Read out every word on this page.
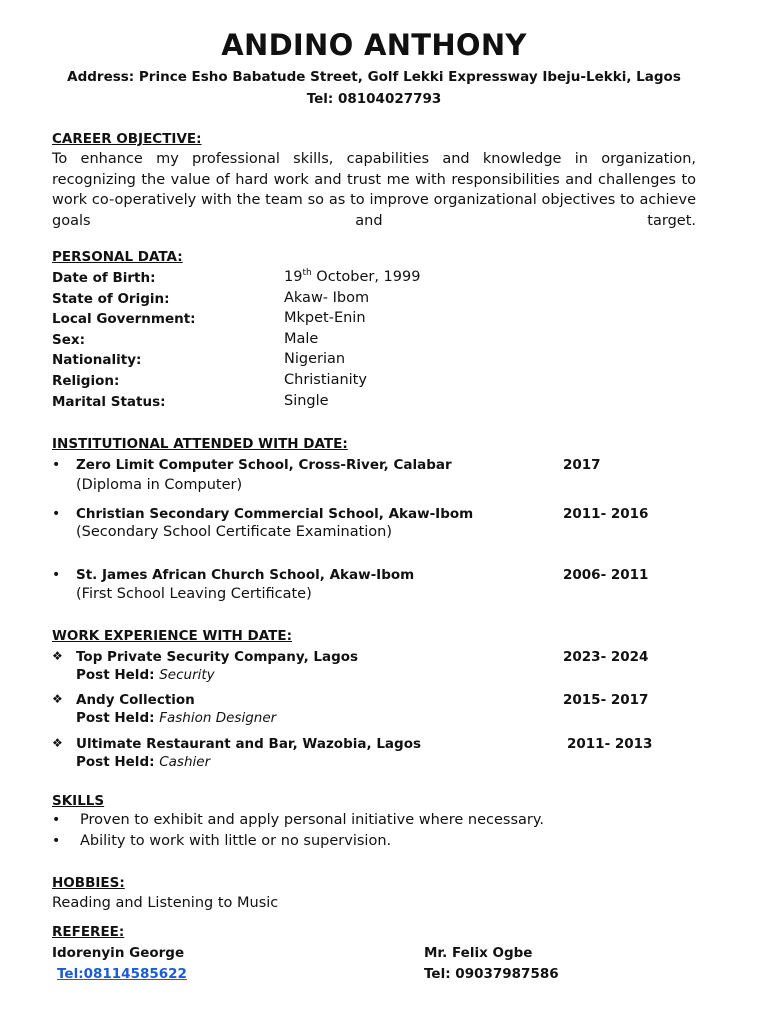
ANDINO ANTHONY
Address: Prince Esho Babatude Street, Golf Lekki Expressway Ibeju-Lekki, Lagos
Tel: 08104027793
CAREER OBJECTIVE:
To enhance my professional skills, capabilities and knowledge in organization, recognizing the value of hard work and trust me with responsibilities and challenges to work co-operatively with the team so as to improve organizational objectives to achieve goals and target.
PERSONAL DATA:
Date of Birth:	19th October, 1999
State of Origin:	Akaw- Ibom
Local Government:	Mkpet-Enin
Sex:	Male
Nationality:	Nigerian
Religion:	Christianity
Marital Status:	Single
INSTITUTIONAL ATTENDED WITH DATE:
• Zero Limit Computer School, Cross-River, Calabar	2017
(Diploma in Computer)
• Christian Secondary Commercial School, Akaw-Ibom	2011- 2016
(Secondary School Certificate Examination)
• St. James African Church School, Akaw-Ibom	2006- 2011
(First School Leaving Certificate)
WORK EXPERIENCE WITH DATE:
❖ Top Private Security Company, Lagos	2023- 2024
Post Held: Security
❖ Andy Collection	2015- 2017
Post Held: Fashion Designer
❖ Ultimate Restaurant and Bar, Wazobia, Lagos	2011- 2013
Post Held: Cashier
SKILLS
• Proven to exhibit and apply personal initiative where necessary.
• Ability to work with little or no supervision.
HOBBIES:
Reading and Listening to Music
REFEREE:
Idorenyin George	Mr. Felix Ogbe
Tel:08114585622	Tel: 09037987586
